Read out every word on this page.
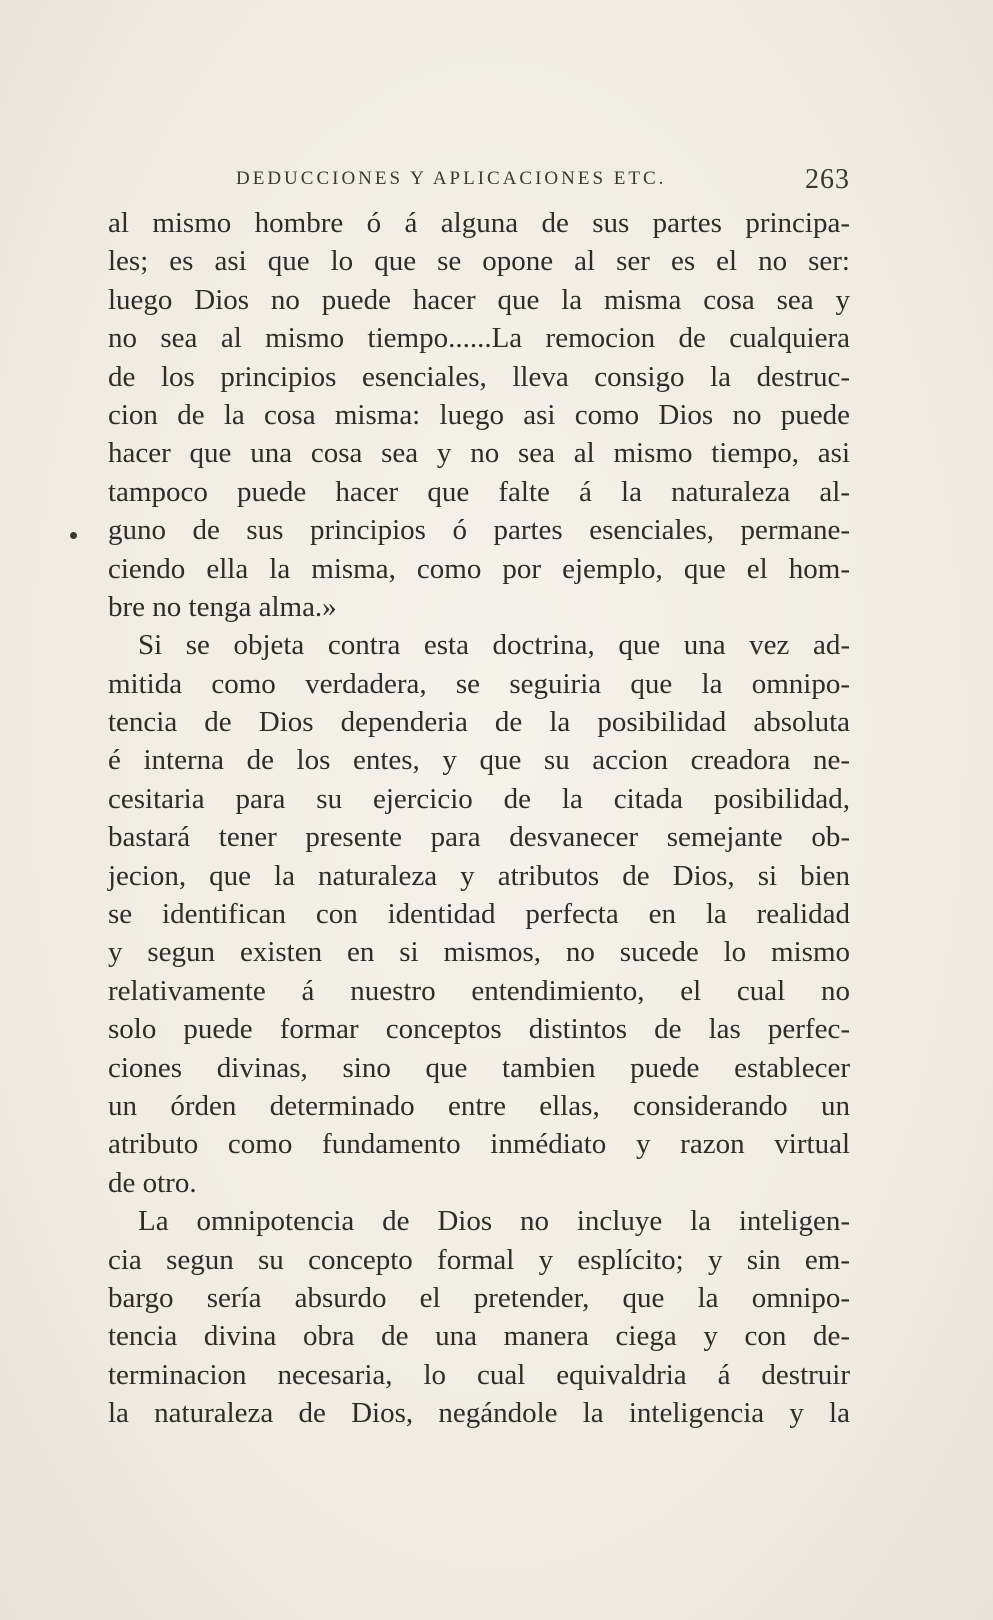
DEDUCCIONES Y APLICACIONES ETC.	263
al mismo hombre ó á alguna de sus partes principa-
les; es asi que lo que se opone al ser es el no ser:
luego Dios no puede hacer que la misma cosa sea y
no sea al mismo tiempo......La remocion de cualquiera
de los principios esenciales, lleva consigo la destruc-
cion de la cosa misma: luego asi como Dios no puede
hacer que una cosa sea y no sea al mismo tiempo, asi
tampoco puede hacer que falte á la naturaleza al-
guno de sus principios ó partes esenciales, permane-
ciendo ella la misma, como por ejemplo, que el hom-
bre no tenga alma.»
Si se objeta contra esta doctrina, que una vez ad-
mitida como verdadera, se seguiria que la omnipo-
tencia de Dios dependeria de la posibilidad absoluta
é interna de los entes, y que su accion creadora ne-
cesitaria para su ejercicio de la citada posibilidad,
bastará tener presente para desvanecer semejante ob-
jecion, que la naturaleza y atributos de Dios, si bien
se identifican con identidad perfecta en la realidad
y segun existen en si mismos, no sucede lo mismo
relativamente á nuestro entendimiento, el cual no
solo puede formar conceptos distintos de las perfec-
ciones divinas, sino que tambien puede establecer
un órden determinado entre ellas, considerando un
atributo como fundamento inmédiato y razon virtual
de otro.
La omnipotencia de Dios no incluye la inteligen-
cia segun su concepto formal y esplícito; y sin em-
bargo sería absurdo el pretender, que la omnipo-
tencia divina obra de una manera ciega y con de-
terminacion necesaria, lo cual equivaldria á destruir
la naturaleza de Dios, negándole la inteligencia y la
